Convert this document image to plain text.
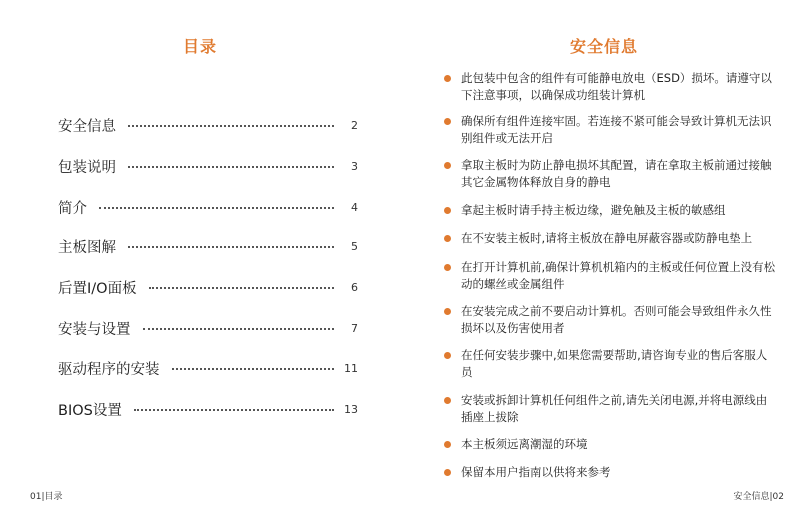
目录
安全信息	2
包装说明	3
简介	4
主板图解	5
后置I/O面板	6
安装与设置	7
驱动程序的安装	11
BIOS设置	13
01|目录
安全信息
此包装中包含的组件有可能静电放电（ESD）损坏。请遵守以下注意事项，以确保成功组装计算机
确保所有组件连接牢固。若连接不紧可能会导致计算机无法识别组件或无法开启
拿取主板时为防止静电损坏其配置，请在拿取主板前通过接触其它金属物体释放自身的静电
拿起主板时请手持主板边缘，避免触及主板的敏感组
在不安装主板时,请将主板放在静电屏蔽容器或防静电垫上
在打开计算机前,确保计算机机箱内的主板或任何位置上没有松动的螺丝或金属组件
在安装完成之前不要启动计算机。否则可能会导致组件永久性损坏以及伤害使用者
在任何安装步骤中,如果您需要帮助,请咨询专业的售后客服人员
安装或拆卸计算机任何组件之前,请先关闭电源,并将电源线由插座上拔除
本主板须远离潮湿的环境
保留本用户指南以供将来参考
安全信息|02
